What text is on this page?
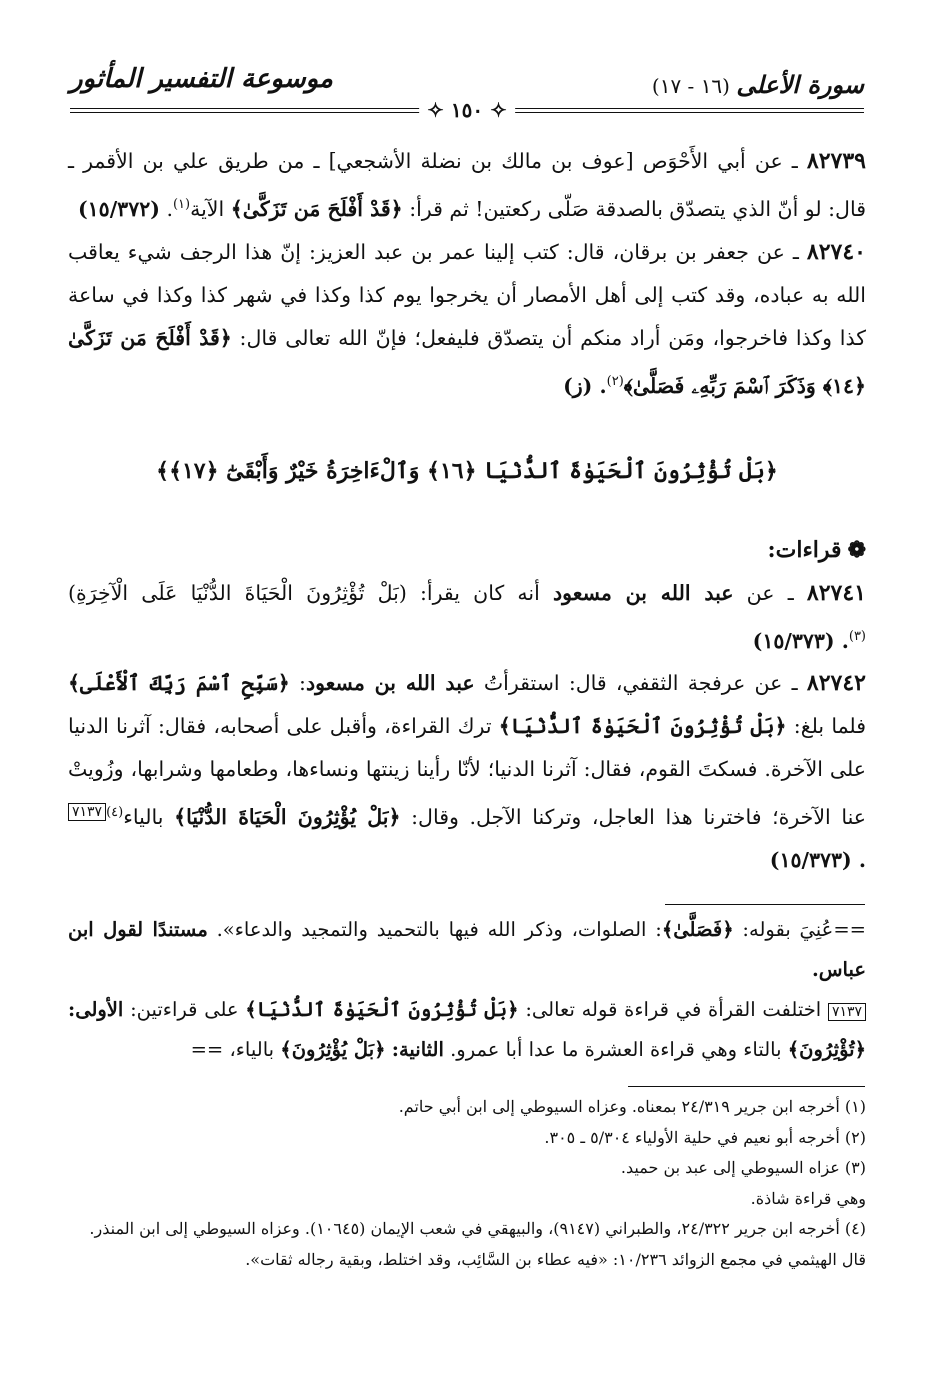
موسوعة التفسير المأثور	سورة الأعلى (١٦ - ١٧)
✧ ١٥٠ ✧

٨٢٧٣٩ ـ عن أبي الأَحْوَص [عوف بن مالك بن نضلة الأشجعي] ـ من طريق علي بن الأقمر ـ قال: لو أنّ الذي يتصدّق بالصدقة صَلّى ركعتين! ثم قرأ: ﴿قَدْ أَفْلَحَ مَن تَزَكَّىٰ﴾ الآية$^{(١)}$. (١٥/٣٧٢)

٨٢٧٤٠ ـ عن جعفر بن برقان، قال: كتب إلينا عمر بن عبد العزيز: إنّ هذا الرجف شيء يعاقب الله به عباده، وقد كتب إلى أهل الأمصار أن يخرجوا يوم كذا وكذا في شهر كذا وكذا في ساعة كذا وكذا فاخرجوا، ومَن أراد منكم أن يتصدّق فليفعل؛ فإنّ الله تعالى قال: ﴿قَدْ أَفْلَحَ مَن تَزَكَّىٰ ﴿١٤﴾ وَذَكَرَ ٱسْمَ رَبِّهِۦ فَصَلَّىٰ﴾$^{(٢)}$. (ز)

﴿بَلْ تُؤْثِرُونَ ٱلْحَيَوٰةَ ٱلدُّنْيَا ﴿١٦﴾ وَٱلْءَاخِرَةُ خَيْرٌ وَأَبْقَىٰٓ ﴿١٧﴾﴾

❁قراءات:

٨٢٧٤١ ـ عن عبد الله بن مسعود أنه كان يقرأ: (بَلْ تُؤْثِرُونَ الْحَيَاةَ الدُّنْيَا عَلَى الْآخِرَةِ)$^{(٣)}$. (١٥/٣٧٣)

٨٢٧٤٢ ـ عن عرفجة الثقفي، قال: استقرأتُ عبد الله بن مسعود: ﴿سَبِّحِ ٱسْمَ رَبِّكَ ٱلْأَعْلَى﴾ فلما بلغ: ﴿بَلْ تُؤْثِرُونَ ٱلْحَيَوٰةَ ٱلدُّنْيَا﴾ ترك القراءة، وأقبل على أصحابه، فقال: آثرنا الدنيا على الآخرة. فسكتَ القوم، فقال: آثرنا الدنيا؛ لأنّا رأينا زينتها ونساءها، وطعامها وشرابها، وزُويتْ عنا الآخرة؛ فاخترنا هذا العاجل، وتركنا الآجل. وقال: ﴿بَلْ يُؤْثِرُونَ الْحَيَاةَ الدُّنْيَا﴾ بالياء$^{(٤)}$٧١٣٧. (١٥/٣٧٣)

==عُنِيَ بقوله: ﴿فَصَلَّىٰ﴾: الصلوات، وذكر الله فيها بالتحميد والتمجيد والدعاء». مستندًا لقول ابن عباس.

٧١٣٧ اختلفت القرأة في قراءة قوله تعالى: ﴿بَلْ تُؤْثِرُونَ ٱلْحَيَوٰةَ ٱلدُّنْيَا﴾ على قراءتين: الأولى: ﴿تُؤْثِرُونَ﴾ بالتاء وهي قراءة العشرة ما عدا أبا عمرو. الثانية: ﴿بَلْ يُؤْثِرُونَ﴾ بالياء، ==

(١) أخرجه ابن جرير ٢٤/٣١٩ بمعناه. وعزاه السيوطي إلى ابن أبي حاتم.

(٢) أخرجه أبو نعيم في حلية الأولياء ٥/٣٠٤ ـ ٣٠٥.

(٣) عزاه السيوطي إلى عبد بن حميد.

وهي قراءة شاذة.

(٤) أخرجه ابن جرير ٢٤/٣٢٢، والطبراني (٩١٤٧)، والبيهقي في شعب الإيمان (١٠٦٤٥). وعزاه السيوطي إلى ابن المنذر.

قال الهيثمي في مجمع الزوائد ١٠/٢٣٦: «فيه عطاء بن السَّائِب، وقد اختلط، وبقية رجاله ثقات».
